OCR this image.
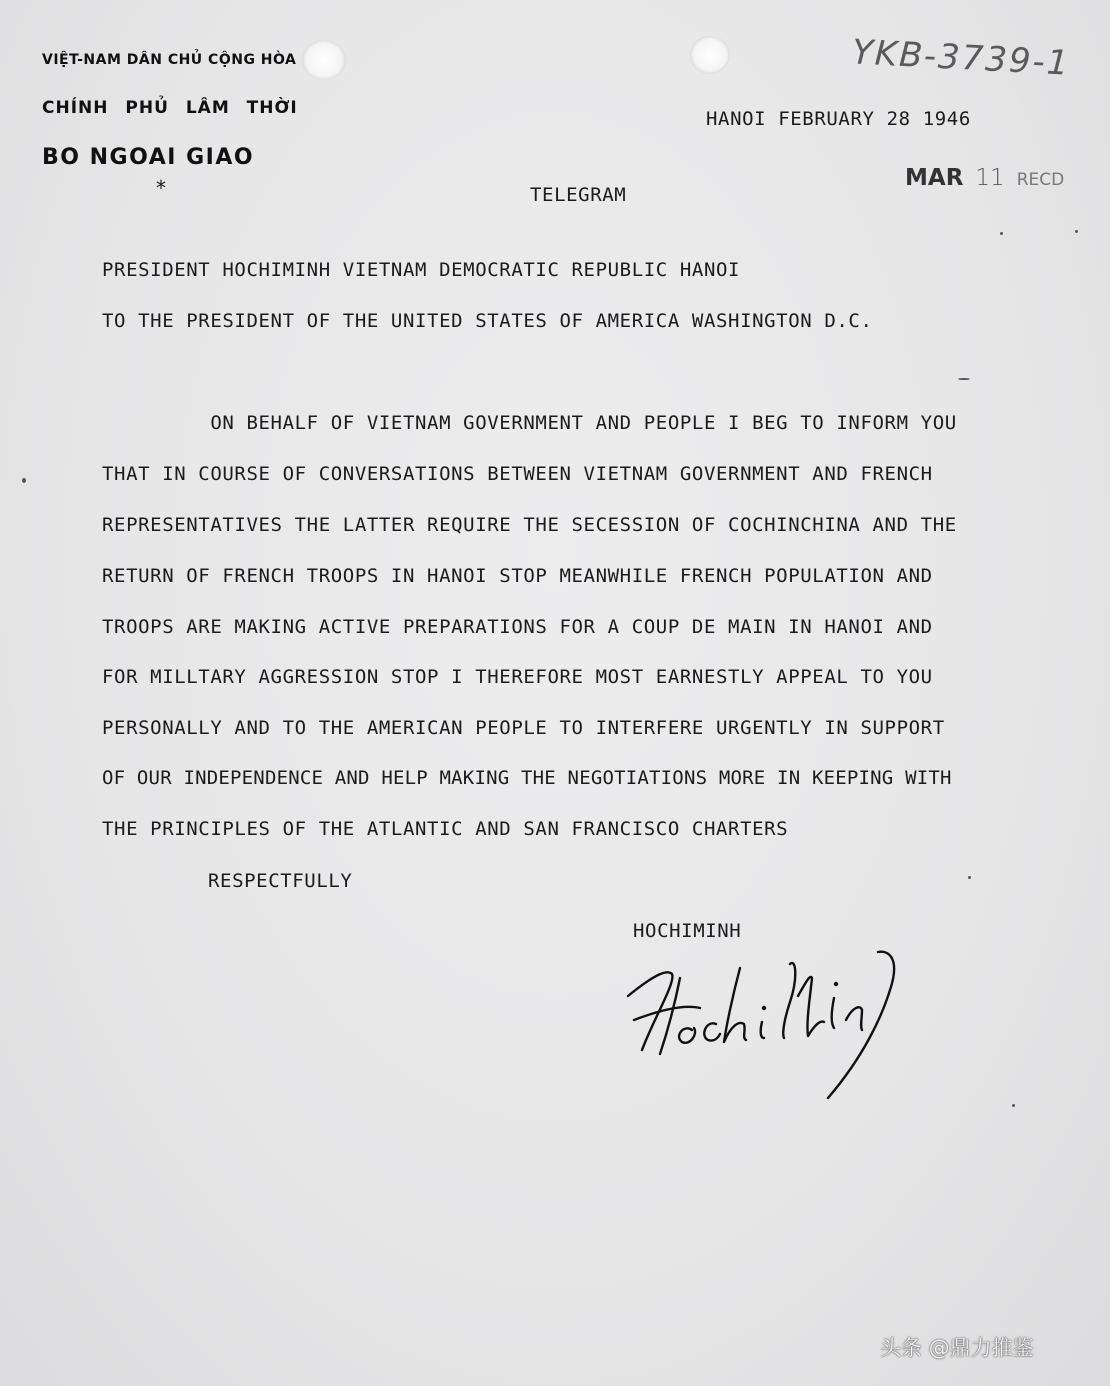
VIỆT-NAM DÂN CHỦ CỘNG HÒA
CHÍNH PHỦ LÂM THỜI
BO NGOAI GIAO
*
YKB-3739-1
HANOI FEBRUARY 28 1946
MAR 11 RECD
TELEGRAM
PRESIDENT HOCHIMINH VIETNAM DEMOCRATIC REPUBLIC HANOI
TO THE PRESIDENT OF THE UNITED STATES OF AMERICA WASHINGTON D.C.
ON BEHALF OF VIETNAM GOVERNMENT AND PEOPLE I BEG TO INFORM YOU
THAT IN COURSE OF CONVERSATIONS BETWEEN VIETNAM GOVERNMENT AND FRENCH
REPRESENTATIVES THE LATTER REQUIRE THE SECESSION OF COCHINCHINA AND THE
RETURN OF FRENCH TROOPS IN HANOI STOP MEANWHILE FRENCH POPULATION AND
TROOPS ARE MAKING ACTIVE PREPARATIONS FOR A COUP DE MAIN IN HANOI AND
FOR MILLTARY AGGRESSION STOP I THEREFORE MOST EARNESTLY APPEAL TO YOU
PERSONALLY AND TO THE AMERICAN PEOPLE TO INTERFERE URGENTLY IN SUPPORT
OF OUR INDEPENDENCE AND HELP MAKING THE NEGOTIATIONS MORE IN KEEPING WITH
THE PRINCIPLES OF THE ATLANTIC AND SAN FRANCISCO CHARTERS
RESPECTFULLY
HOCHIMINH
头条 @鼎力推鉴
